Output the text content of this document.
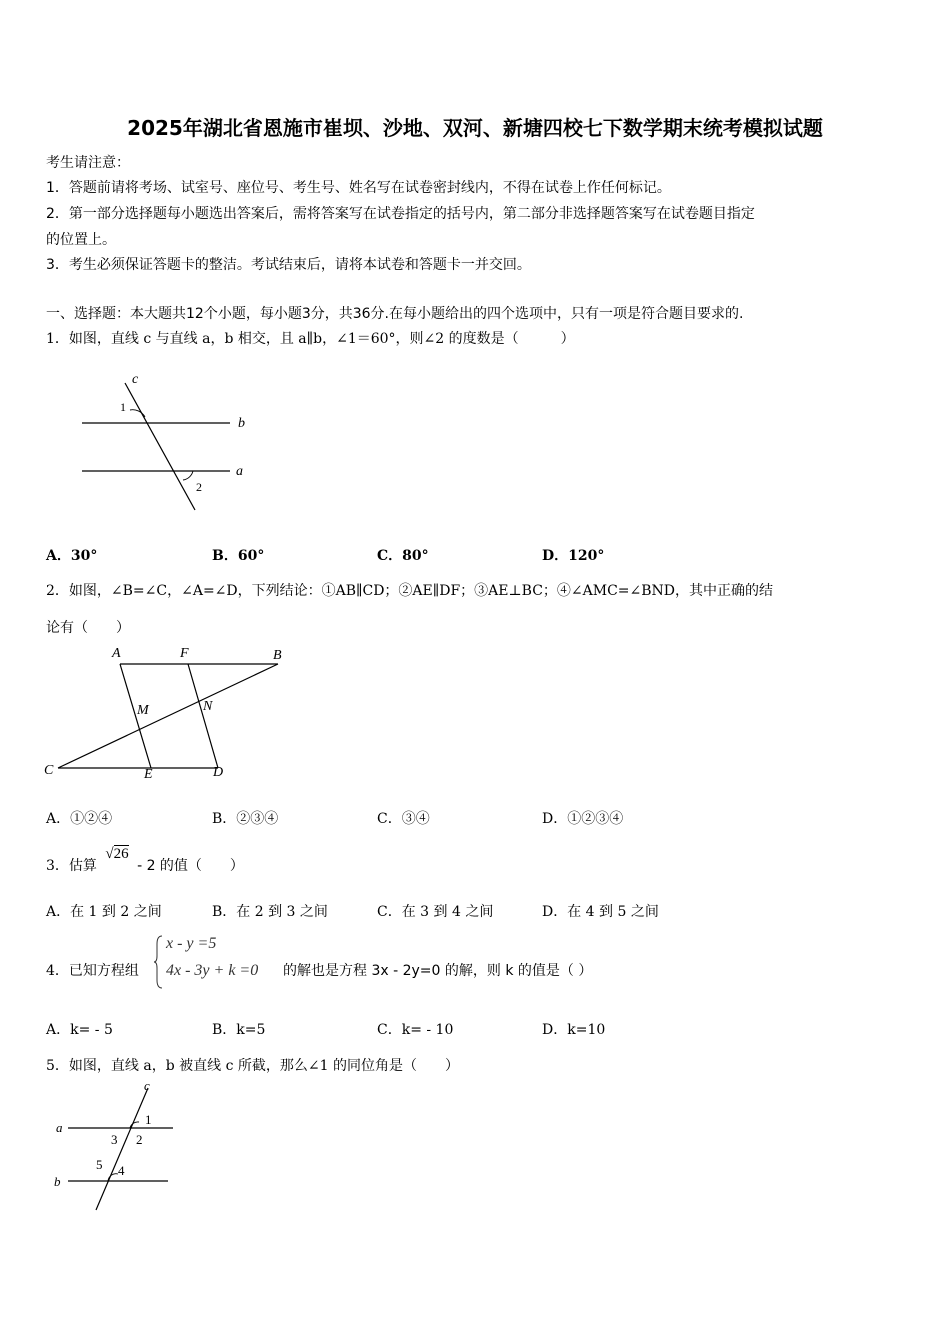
2025年湖北省恩施市崔坝、沙地、双河、新塘四校七下数学期末统考模拟试题
考生请注意：
1．答题前请将考场、试室号、座位号、考生号、姓名写在试卷密封线内，不得在试卷上作任何标记。
2．第一部分选择题每小题选出答案后，需将答案写在试卷指定的括号内，第二部分非选择题答案写在试卷题目指定
的位置上。
3．考生必须保证答题卡的整洁。考试结束后，请将本试卷和答题卡一并交回。
一、选择题：本大题共12个小题，每小题3分，共36分.在每小题给出的四个选项中，只有一项是符合题目要求的.
1．如图，直线 c 与直线 a，b 相交，且 a∥b，∠1＝60°，则∠2 的度数是（　　　）
c
b
a
1
2
A．30°	B．60°	C．80°	D．120°
2．如图，∠B=∠C，∠A=∠D，下列结论：①AB∥CD；②AE∥DF；③AE⊥BC；④∠AMC=∠BND，其中正确的结
论有（　　）
A	F	B
M	N
C	E	D
A．①②④	B．②③④	C．③④	D．①②③④
3．估算 √26 - 2 的值（　　）
A．在 1 到 2 之间	B．在 2 到 3 之间	C．在 3 到 4 之间	D．在 4 到 5 之间
4．已知方程组
x - y =5
4x - 3y + k =0 的解也是方程 3x - 2y=0 的解，则 k 的值是（ ）
A．k= - 5	B．k=5	C．k= - 10	D．k=10
5．如图，直线 a，b 被直线 c 所截，那么∠1 的同位角是（　　）
c
a
b
1
2
3
4
5
